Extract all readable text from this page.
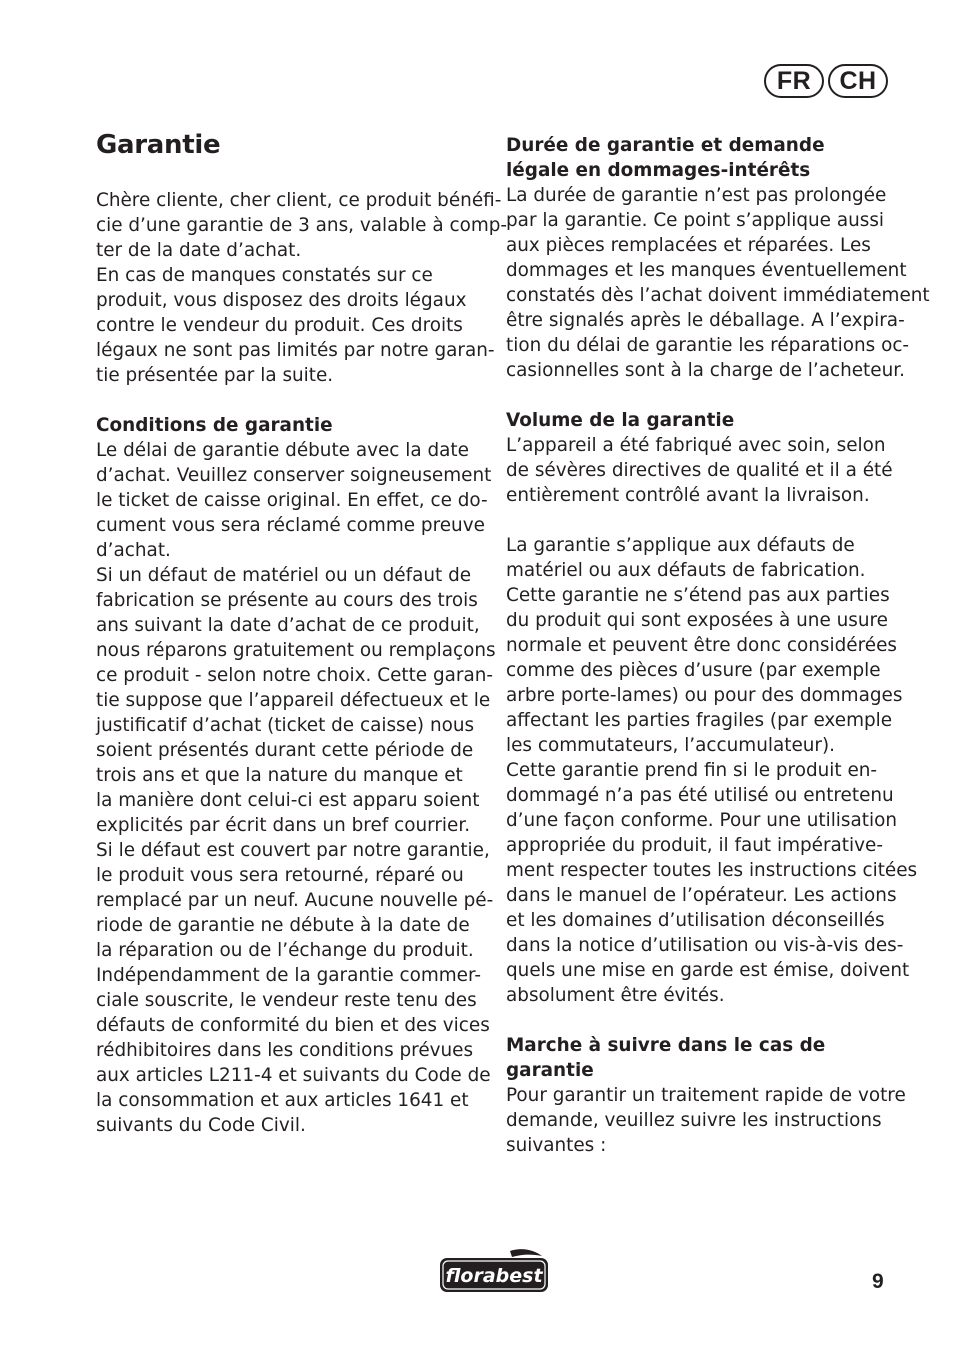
FR	CH
Garantie
Chère cliente, cher client, ce produit bénéfi-
cie d’une garantie de 3 ans, valable à comp-
ter de la date d’achat.
En cas de manques constatés sur ce
produit, vous disposez des droits légaux
contre le vendeur du produit. Ces droits
légaux ne sont pas limités par notre garan-
tie présentée par la suite.
Conditions de garantie
Le délai de garantie débute avec la date
d’achat. Veuillez conserver soigneusement
le ticket de caisse original. En effet, ce do-
cument vous sera réclamé comme preuve
d’achat.
Si un défaut de matériel ou un défaut de
fabrication se présente au cours des trois
ans suivant la date d’achat de ce produit,
nous réparons gratuitement ou remplaçons
ce produit - selon notre choix. Cette garan-
tie suppose que l’appareil défectueux et le
justificatif d’achat (ticket de caisse) nous
soient présentés durant cette période de
trois ans et que la nature du manque et
la manière dont celui-ci est apparu soient
explicités par écrit dans un bref courrier.
Si le défaut est couvert par notre garantie,
le produit vous sera retourné, réparé ou
remplacé par un neuf. Aucune nouvelle pé-
riode de garantie ne débute à la date de
la réparation ou de l’échange du produit.
Indépendamment de la garantie commer-
ciale souscrite, le vendeur reste tenu des
défauts de conformité du bien et des vices
rédhibitoires dans les conditions prévues
aux articles L211-4 et suivants du Code de
la consommation et aux articles 1641 et
suivants du Code Civil.
Durée de garantie et demande
légale en dommages-intérêts
La durée de garantie n’est pas prolongée
par la garantie. Ce point s’applique aussi
aux pièces remplacées et réparées. Les
dommages et les manques éventuellement
constatés dès l’achat doivent immédiatement
être signalés après le déballage. A l’expira-
tion du délai de garantie les réparations oc-
casionnelles sont à la charge de l’acheteur.
Volume de la garantie
L’appareil a été fabriqué avec soin, selon
de sévères directives de qualité et il a été
entièrement contrôlé avant la livraison.
La garantie s’applique aux défauts de
matériel ou aux défauts de fabrication.
Cette garantie ne s’étend pas aux parties
du produit qui sont exposées à une usure
normale et peuvent être donc considérées
comme des pièces d’usure (par exemple
arbre porte-lames) ou pour des dommages
affectant les parties fragiles (par exemple
les commutateurs, l’accumulateur).
Cette garantie prend fin si le produit en-
dommagé n’a pas été utilisé ou entretenu
d’une façon conforme. Pour une utilisation
appropriée du produit, il faut impérative-
ment respecter toutes les instructions citées
dans le manuel de l’opérateur. Les actions
et les domaines d’utilisation déconseillés
dans la notice d’utilisation ou vis-à-vis des-
quels une mise en garde est émise, doivent
absolument être évités.
Marche à suivre dans le cas de
garantie
Pour garantir un traitement rapide de votre
demande, veuillez suivre les instructions
suivantes :
florabest	9
